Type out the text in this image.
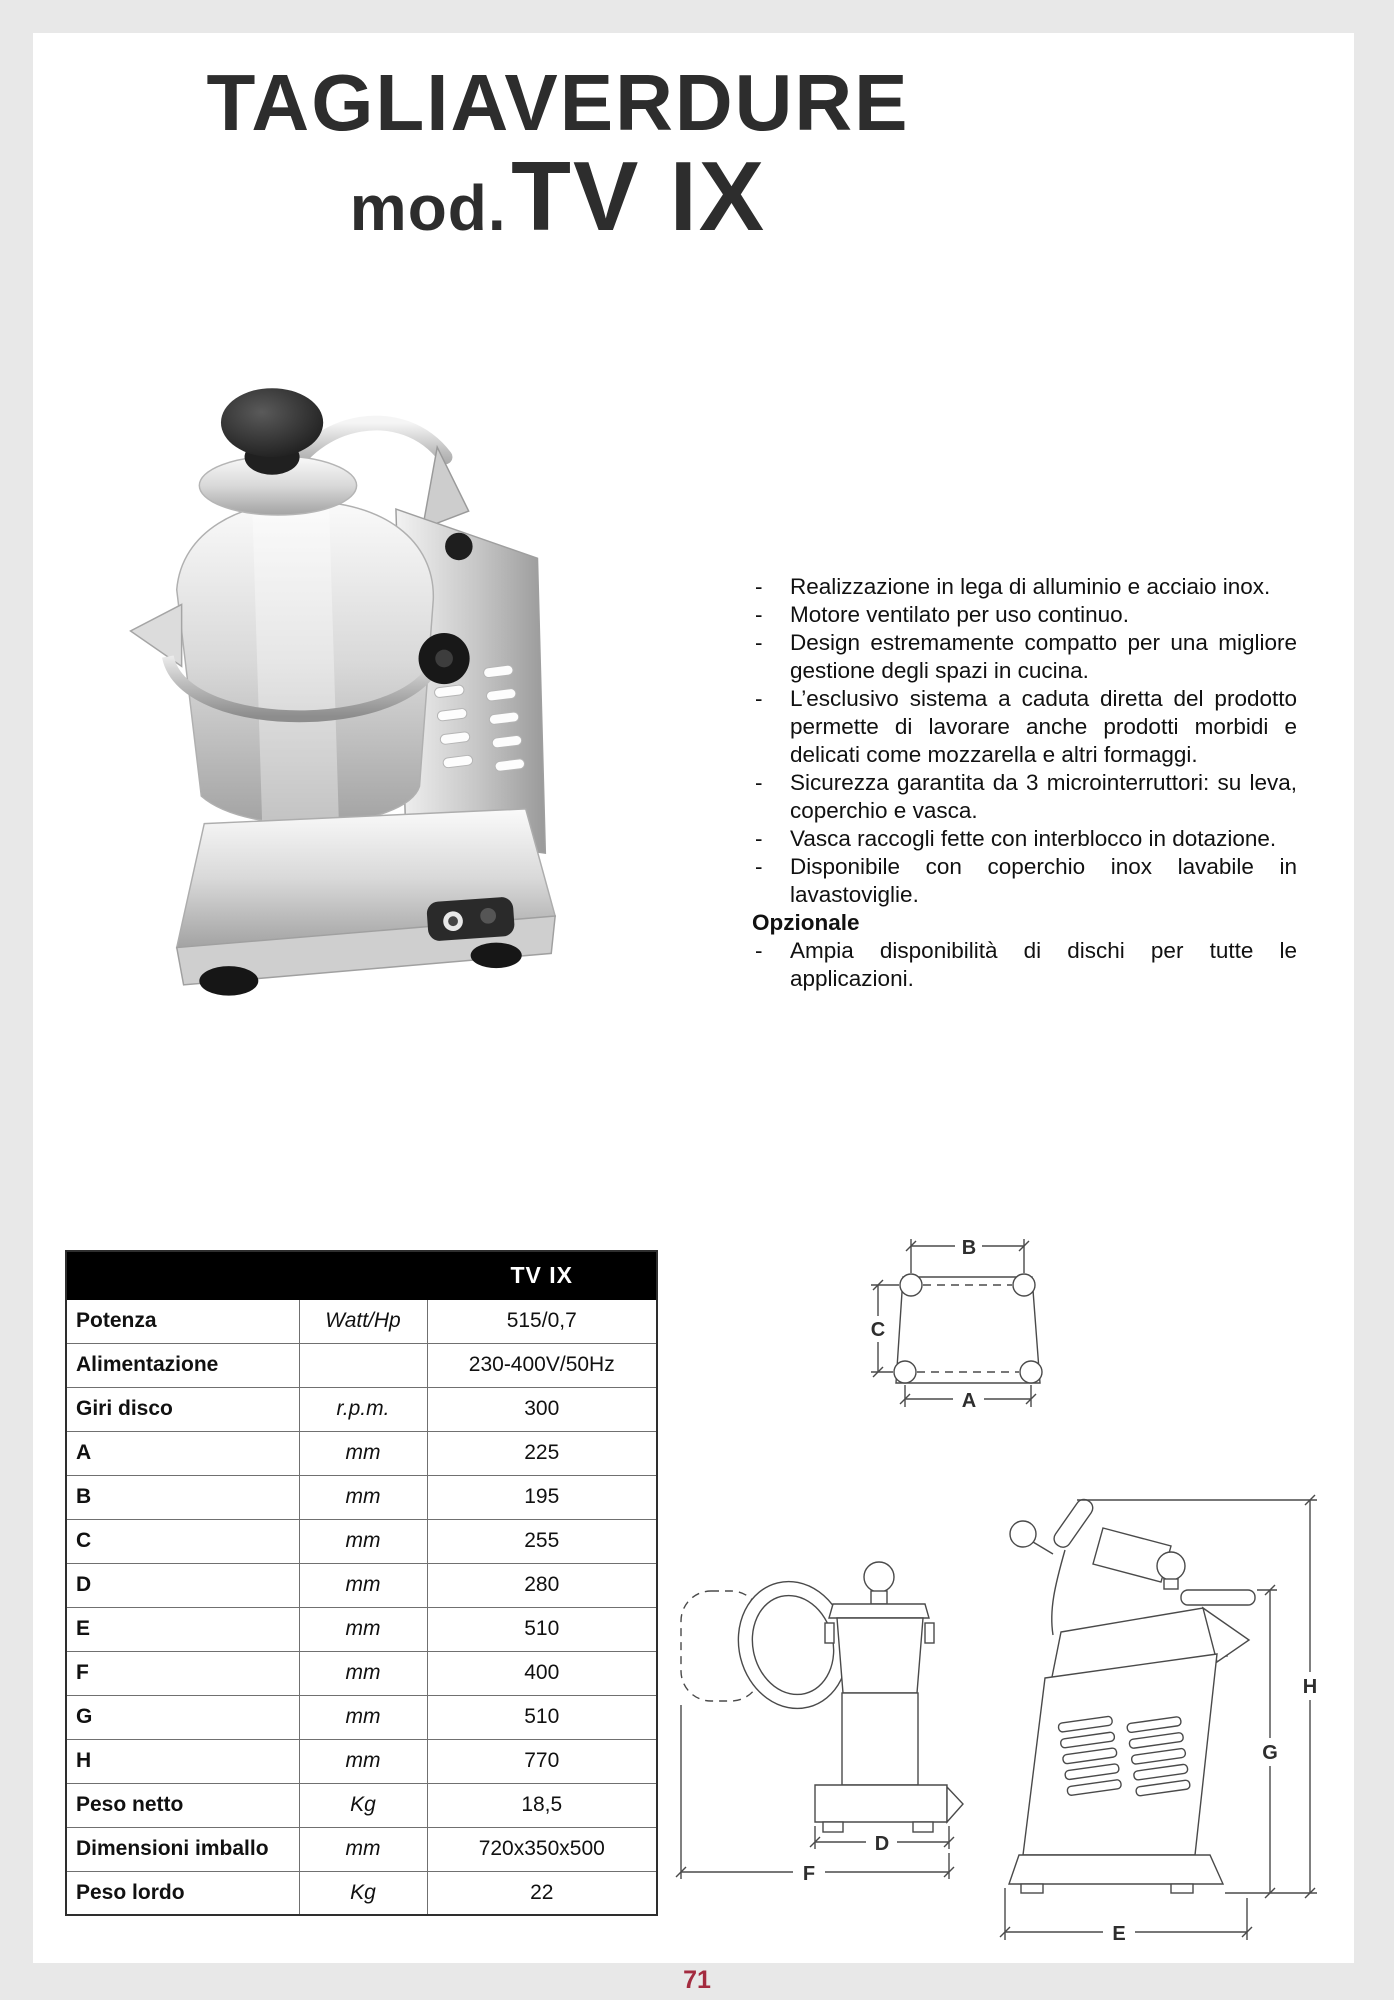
TAGLIAVERDURE
mod. TV IX
- Realizzazione in lega di alluminio e acciaio inox.
- Motore ventilato per uso continuo.
- Design estremamente compatto per una migliore gestione degli spazi in cucina.
- L’esclusivo sistema a caduta diretta del prodotto permette di lavorare anche prodotti morbidi e delicati come mozzarella e altri formaggi.
- Sicurezza garantita da 3 microinterruttori: su leva, coperchio e vasca.
- Vasca raccogli fette con interblocco in dotazione.
- Disponibile con coperchio inox lavabile in lavastoviglie.
Opzionale
- Ampia disponibilità di dischi per tutte le applicazioni.
		TV IX
Potenza	Watt/Hp	515/0,7
Alimentazione		230-400V/50Hz
Giri disco	r.p.m.	300
A	mm	225
B	mm	195
C	mm	255
D	mm	280
E	mm	510
F	mm	400
G	mm	510
H	mm	770
Peso netto	Kg	18,5
Dimensioni imballo	mm	720x350x500
Peso lordo	Kg	22
B
C
A
D
F
H
G
E
71
